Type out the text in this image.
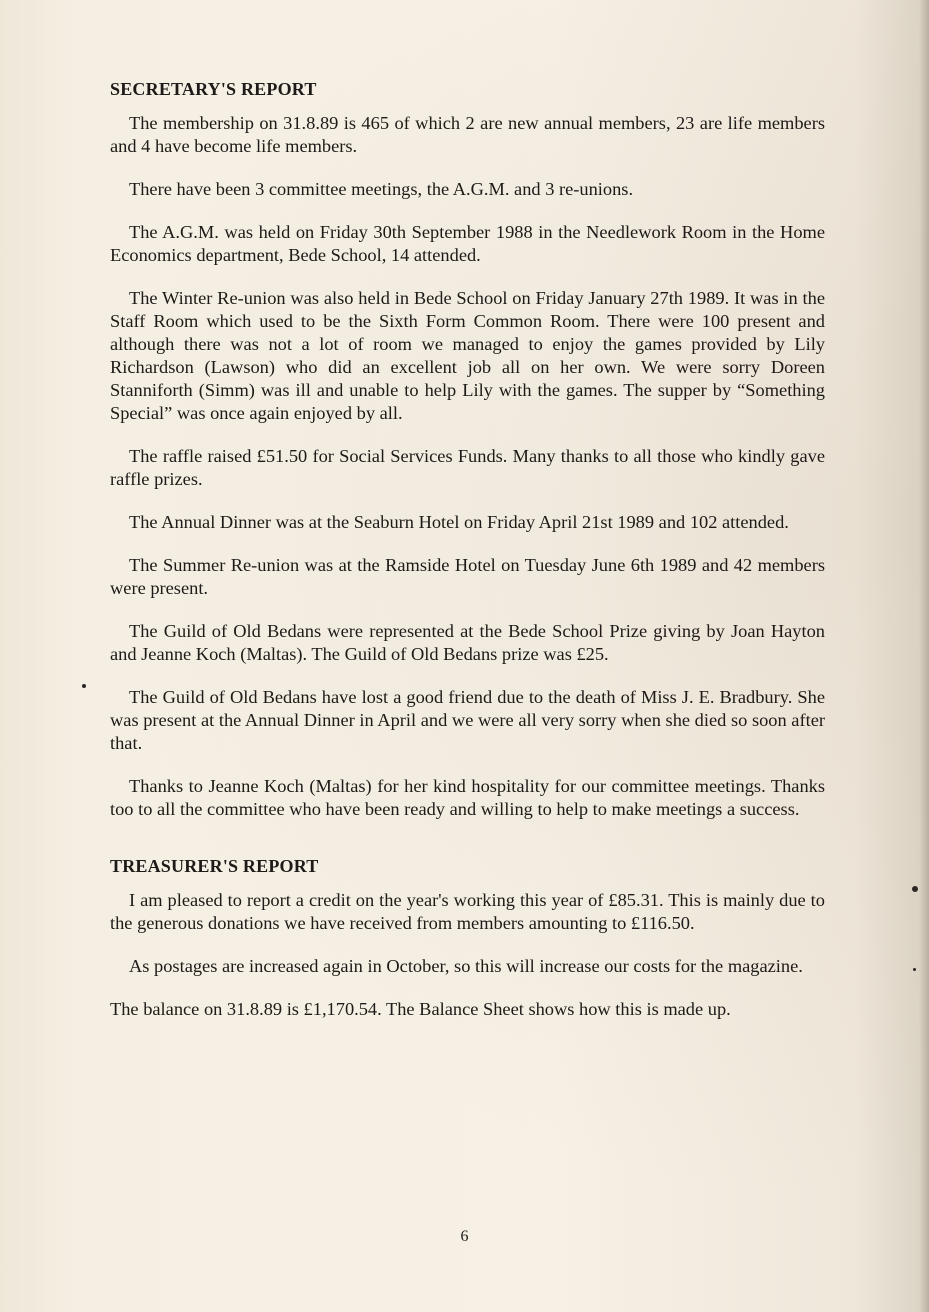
SECRETARY'S REPORT

The membership on 31.8.89 is 465 of which 2 are new annual members, 23 are life members and 4 have become life members.

There have been 3 committee meetings, the A.G.M. and 3 re-unions.

The A.G.M. was held on Friday 30th September 1988 in the Needlework Room in the Home Economics department, Bede School, 14 attended.

The Winter Re-union was also held in Bede School on Friday January 27th 1989. It was in the Staff Room which used to be the Sixth Form Common Room. There were 100 present and although there was not a lot of room we managed to enjoy the games provided by Lily Richardson (Lawson) who did an excellent job all on her own. We were sorry Doreen Stanniforth (Simm) was ill and unable to help Lily with the games. The supper by “Something Special” was once again enjoyed by all.

The raffle raised £51.50 for Social Services Funds. Many thanks to all those who kindly gave raffle prizes.

The Annual Dinner was at the Seaburn Hotel on Friday April 21st 1989 and 102 attended.

The Summer Re-union was at the Ramside Hotel on Tuesday June 6th 1989 and 42 members were present.

The Guild of Old Bedans were represented at the Bede School Prize giving by Joan Hayton and Jeanne Koch (Maltas). The Guild of Old Bedans prize was £25.

The Guild of Old Bedans have lost a good friend due to the death of Miss J. E. Bradbury. She was present at the Annual Dinner in April and we were all very sorry when she died so soon after that.

Thanks to Jeanne Koch (Maltas) for her kind hospitality for our committee meetings. Thanks too to all the committee who have been ready and willing to help to make meetings a success.

TREASURER'S REPORT

I am pleased to report a credit on the year's working this year of £85.31. This is mainly due to the generous donations we have received from members amounting to £116.50.

As postages are increased again in October, so this will increase our costs for the magazine.

The balance on 31.8.89 is £1,170.54. The Balance Sheet shows how this is made up.

6
